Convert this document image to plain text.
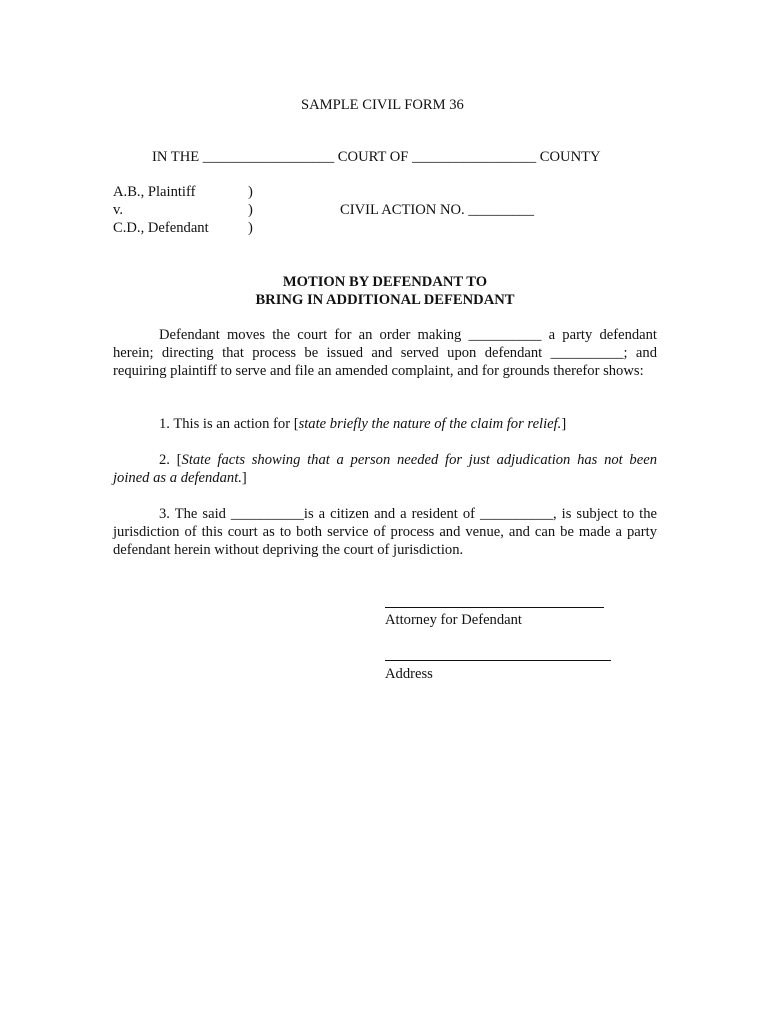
SAMPLE CIVIL FORM 36
IN THE __________________ COURT OF _________________ COUNTY
A.B., Plaintiff
v.
C.D., Defendant
)
)
)
CIVIL ACTION NO. _________
MOTION BY DEFENDANT TO
BRING IN ADDITIONAL DEFENDANT
Defendant moves the court for an order making __________ a party defendant herein; directing that process be issued and served upon defendant __________; and requiring plaintiff to serve and file an amended complaint, and for grounds therefor shows:
1. This is an action for [state briefly the nature of the claim for relief.]
2. [State facts showing that a person needed for just adjudication has not been joined as a defendant.]
3. The said __________is a citizen and a resident of __________, is subject to the jurisdiction of this court as to both service of process and venue, and can be made a party defendant herein without depriving the court of jurisdiction.
Attorney for Defendant
Address
